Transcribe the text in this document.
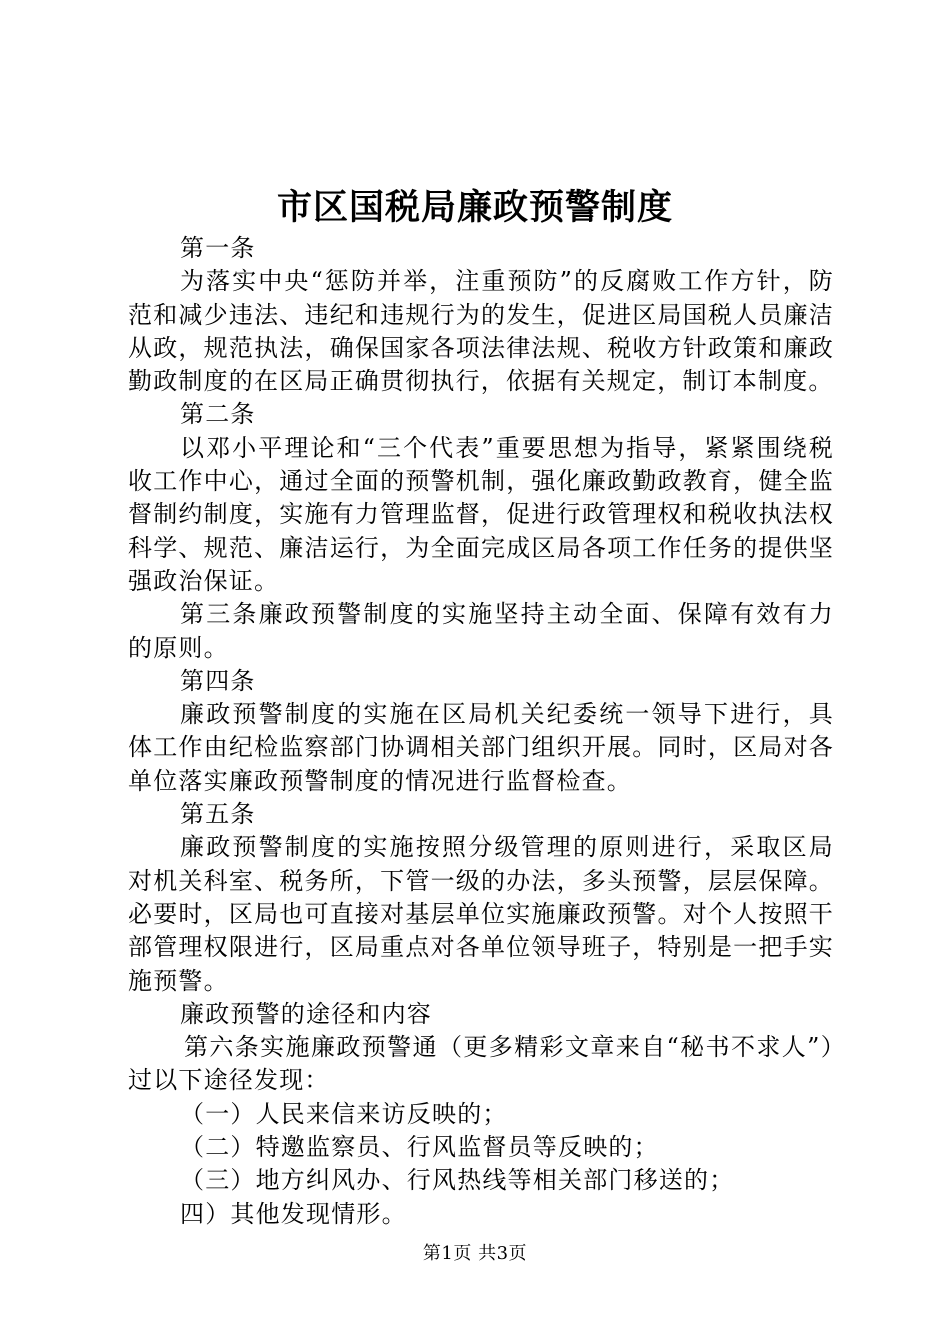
市区国税局廉政预警制度

第一条

为落实中央“惩防并举，注重预防”的反腐败工作方针，防范和减少违法、违纪和违规行为的发生，促进区局国税人员廉洁从政，规范执法，确保国家各项法律法规、税收方针政策和廉政勤政制度的在区局正确贯彻执行，依据有关规定，制订本制度。

第二条

以邓小平理论和“三个代表”重要思想为指导，紧紧围绕税收工作中心，通过全面的预警机制，强化廉政勤政教育，健全监督制约制度，实施有力管理监督，促进行政管理权和税收执法权科学、规范、廉洁运行，为全面完成区局各项工作任务的提供坚强政治保证。

第三条廉政预警制度的实施坚持主动全面、保障有效有力的原则。

第四条

廉政预警制度的实施在区局机关纪委统一领导下进行，具体工作由纪检监察部门协调相关部门组织开展。同时，区局对各单位落实廉政预警制度的情况进行监督检查。

第五条

廉政预警制度的实施按照分级管理的原则进行，采取区局对机关科室、税务所，下管一级的办法，多头预警，层层保障。必要时，区局也可直接对基层单位实施廉政预警。对个人按照干部管理权限进行，区局重点对各单位领导班子，特别是一把手实施预警。

廉政预警的途径和内容

第六条实施廉政预警通（更多精彩文章来自“秘书不求人”）过以下途径发现：

（一）人民来信来访反映的；

（二）特邀监察员、行风监督员等反映的；

（三）地方纠风办、行风热线等相关部门移送的；

四）其他发现情形。

第1页 共3页
